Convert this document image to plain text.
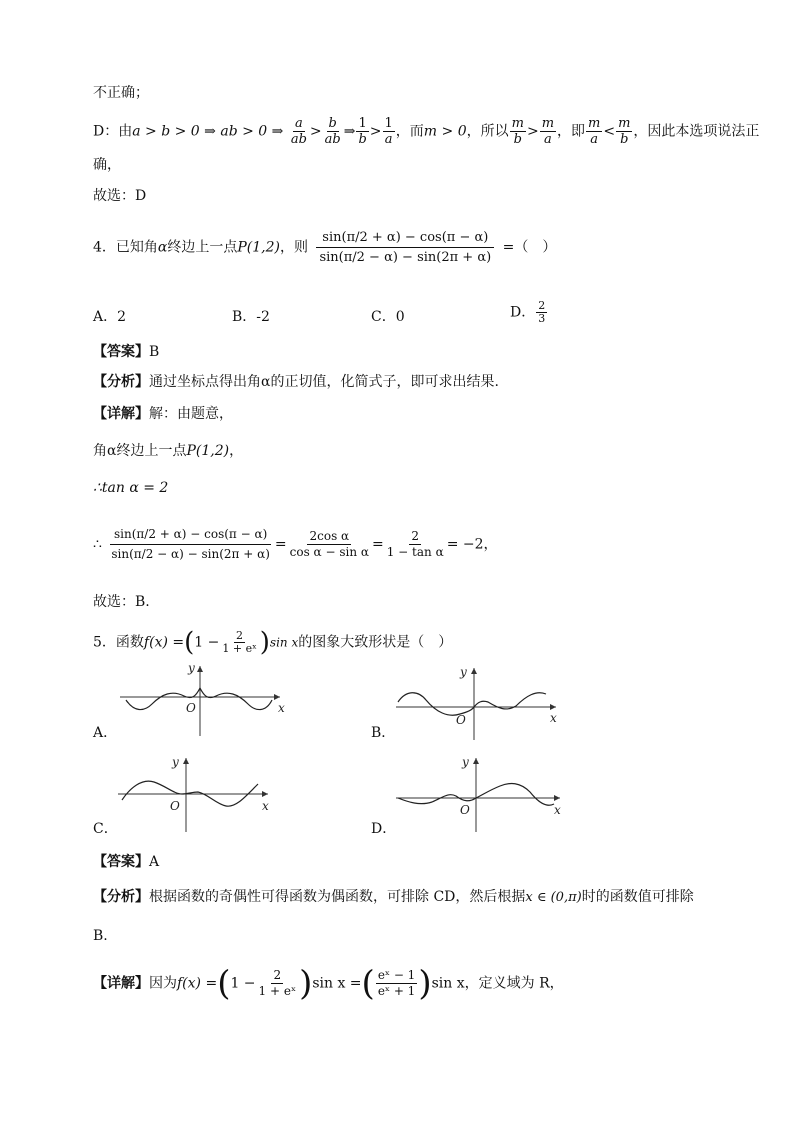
不正确；
D：由a > b > 0 ⇒ ab > 0 ⇒ $\frac{a}{ab} > \frac{b}{ab}$ ⇒ $\frac{1}{b} > \frac{1}{a}$ ，而m > 0，所以 $\frac{m}{b} > \frac{m}{a}$ ，即 $\frac{m}{a} < \frac{m}{b}$ ，因此本选项说法正
确，
故选：D
4．已知角α终边上一点P(1,2)，则 $\frac{\sin(\pi/2 + \alpha) - \cos(\pi - \alpha)}{\sin(\pi/2 - \alpha) - \sin(2\pi + \alpha)}$ =（　）
A．2	B．-2	C．0	D． $\frac{2}{3}$
【答案】B
【分析】通过坐标点得出角α的正切值，化简式子，即可求出结果.
【详解】解：由题意，
角α终边上一点P(1,2)，
∴tan α = 2
∴ $\frac{\sin(\pi/2 + \alpha) - \cos(\pi - \alpha)}{\sin(\pi/2 - \alpha) - \sin(2\pi + \alpha)} = \frac{\text{2cos α}}{\text{cos α − sin α}} = \frac{2}{\text{1 − tan α}} = -2$，
故选：B.
5．函数$f(x) =(1 - \frac{2}{\text{1 + eˣ}} )\sin$ x的图象大致形状是（　）
x
y
O
A．
x
y
O
B．
x
y
O
C．
x
y
O
D．
【答案】A
【分析】根据函数的奇偶性可得函数为偶函数，可排除 CD，然后根据x ∈ (0,π)时的函数值可排除
B.
【详解】因为$f(x) =(1 - \frac{2}{\text{1 + eˣ}} )\sin$ x =( $\frac{\text{eˣ − 1}}{\text{eˣ + 1}} )\sin$ x，定义域为 R，
